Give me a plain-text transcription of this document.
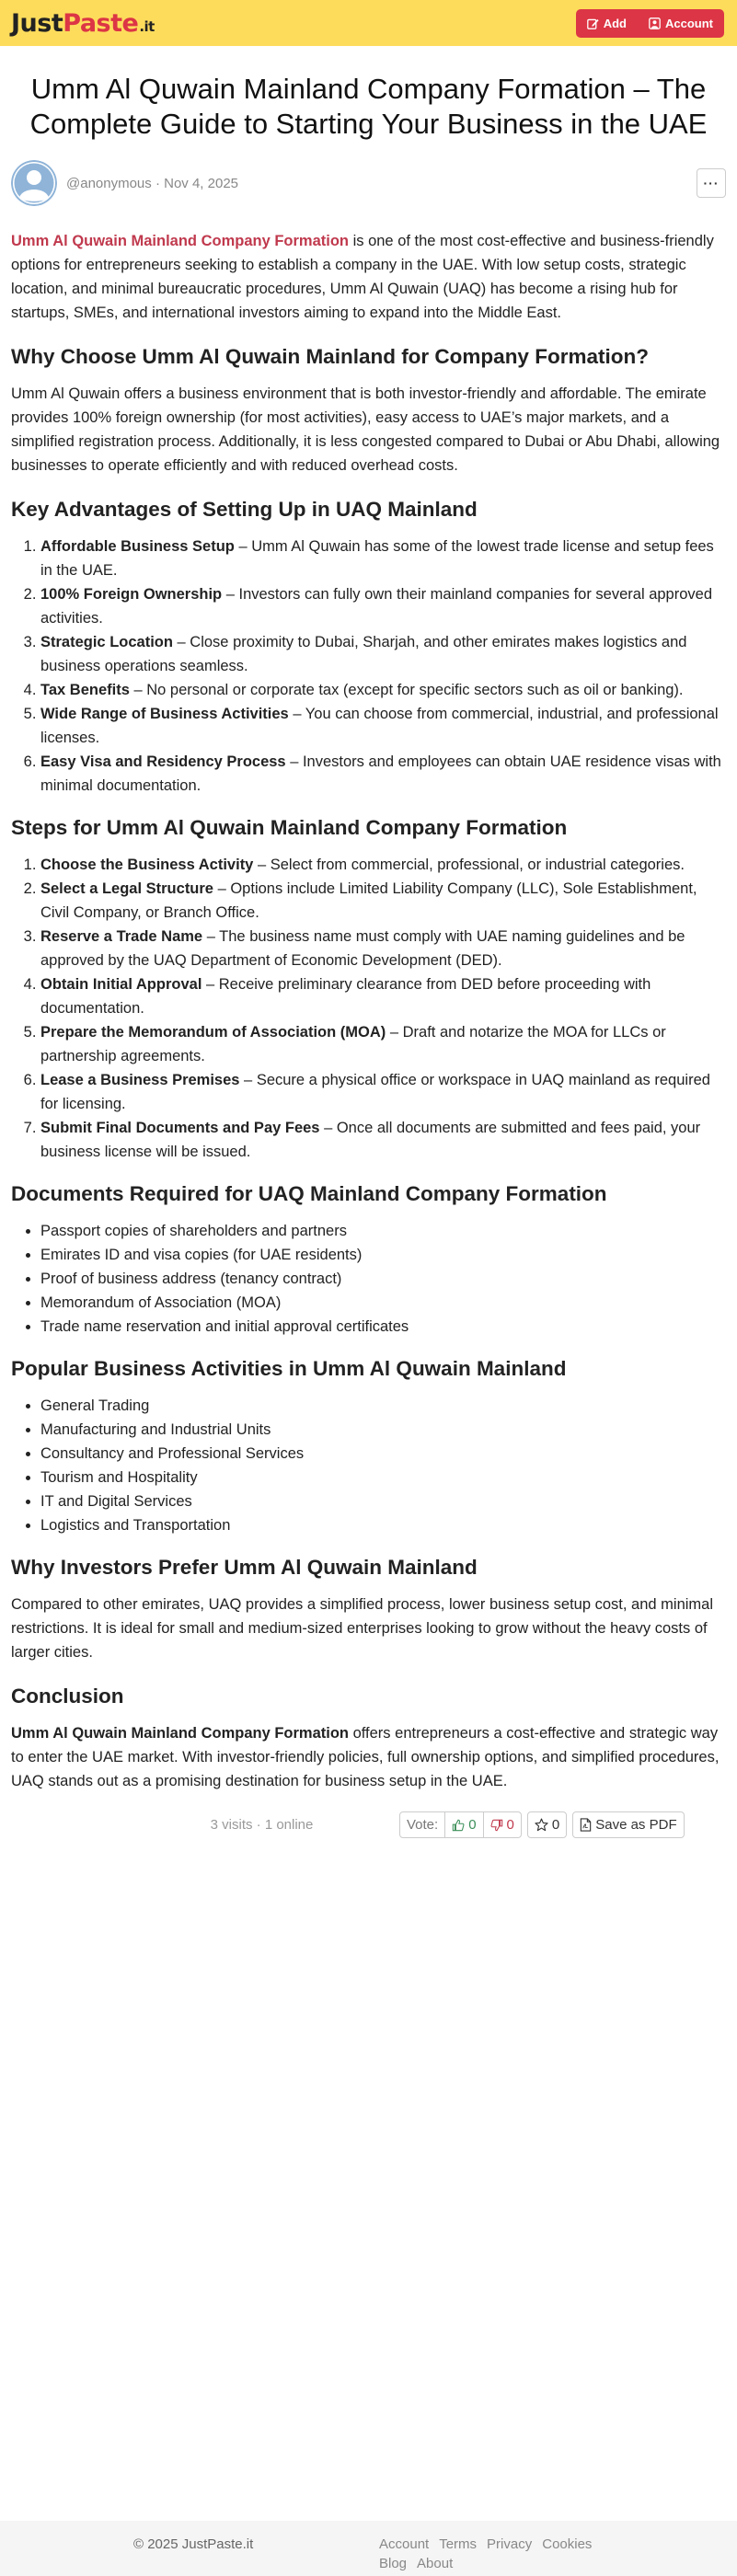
Just Paste .it	Add	Account
Umm Al Quwain Mainland Company Formation – The Complete Guide to Starting Your Business in the UAE
@anonymous · Nov 4, 2025	···

Umm Al Quwain Mainland Company Formation is one of the most cost-effective and business-friendly options for entrepreneurs seeking to establish a company in the UAE. With low setup costs, strategic location, and minimal bureaucratic procedures, Umm Al Quwain (UAQ) has become a rising hub for startups, SMEs, and international investors aiming to expand into the Middle East.

Why Choose Umm Al Quwain Mainland for Company Formation?

Umm Al Quwain offers a business environment that is both investor-friendly and affordable. The emirate provides 100% foreign ownership (for most activities), easy access to UAE’s major markets, and a simplified registration process. Additionally, it is less congested compared to Dubai or Abu Dhabi, allowing businesses to operate efficiently and with reduced overhead costs.

Key Advantages of Setting Up in UAQ Mainland
1. Affordable Business Setup – Umm Al Quwain has some of the lowest trade license and setup fees in the UAE.
2. 100% Foreign Ownership – Investors can fully own their mainland companies for several approved activities.
3. Strategic Location – Close proximity to Dubai, Sharjah, and other emirates makes logistics and business operations seamless.
4. Tax Benefits – No personal or corporate tax (except for specific sectors such as oil or banking).
5. Wide Range of Business Activities – You can choose from commercial, industrial, and professional licenses.
6. Easy Visa and Residency Process – Investors and employees can obtain UAE residence visas with minimal documentation.
Steps for Umm Al Quwain Mainland Company Formation
1. Choose the Business Activity – Select from commercial, professional, or industrial categories.
2. Select a Legal Structure – Options include Limited Liability Company (LLC), Sole Establishment, Civil Company, or Branch Office.
3. Reserve a Trade Name – The business name must comply with UAE naming guidelines and be approved by the UAQ Department of Economic Development (DED).
4. Obtain Initial Approval – Receive preliminary clearance from DED before proceeding with documentation.
5. Prepare the Memorandum of Association (MOA) – Draft and notarize the MOA for LLCs or partnership agreements.
6. Lease a Business Premises – Secure a physical office or workspace in UAQ mainland as required for licensing.
7. Submit Final Documents and Pay Fees – Once all documents are submitted and fees paid, your business license will be issued.
Documents Required for UAQ Mainland Company Formation
• Passport copies of shareholders and partners
• Emirates ID and visa copies (for UAE residents)
• Proof of business address (tenancy contract)
• Memorandum of Association (MOA)
• Trade name reservation and initial approval certificates
Popular Business Activities in Umm Al Quwain Mainland
• General Trading
• Manufacturing and Industrial Units
• Consultancy and Professional Services
• Tourism and Hospitality
• IT and Digital Services
• Logistics and Transportation
Why Investors Prefer Umm Al Quwain Mainland

Compared to other emirates, UAQ provides a simplified process, lower business setup cost, and minimal restrictions. It is ideal for small and medium-sized enterprises looking to grow without the heavy costs of larger cities.

Conclusion

Umm Al Quwain Mainland Company Formation offers entrepreneurs a cost-effective and strategic way to enter the UAE market. With investor-friendly policies, full ownership options, and simplified procedures, UAQ stands out as a promising destination for business setup in the UAE.

3 visits · 1 online	Vote:	0 0	0	Save as PDF
© 2025 JustPaste.it	Account Terms Privacy Cookies
Blog About
